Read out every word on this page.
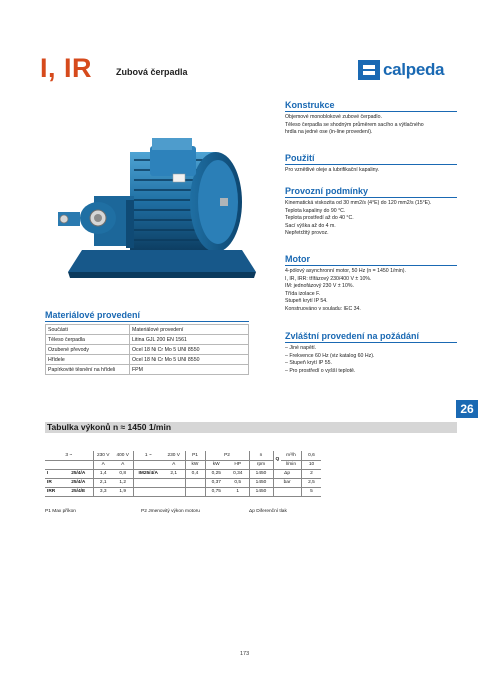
I, IR	Zubová čerpadla	calpeda
Konstrukce
Objemové monoblokové zubové čerpadlo.
Těleso čerpadla se shodným průměrem sacího a výtlačného
hrdla na jedné ose (in-line provedení).
Použití
Pro vznětlivé oleje a lubrifikační kapaliny.
Provozní podmínky
Kinematická viskozita od 30 mm2/s (4°E) do 120 mm2/s (15°E).
Teplota kapaliny do 90 °C.
Teplota prostředí až do 40 °C.
Sací výška až do 4 m.
Nepřetržitý provoz.
Motor
4-pólový asynchronní motor, 50 Hz (n = 1450 1/min).
I, IR, IRR: třífázový 230/400 V ± 10%.
IM: jednofázový 230 V ± 10%.
Třída izolace F.
Stupeň krytí IP 54.
Konstruováno v souladu: IEC 34.
Zvláštní provedení na požádání
– Jiné napětí.
– Frekvence 60 Hz (viz katalog 60 Hz).
– Stupeň krytí IP 55.
– Pro prostředí o vyšší teplotě.
Materiálové provedení
Součásti	Materiálové provedení
Těleso čerpadla	Litina GJL 200 EN 1561
Ozubené převody	Ocel 18 Ni Cr Mo 5 UNI 8550
Hřídele	Ocel 18 Ni Cr Mo 5 UNI 8550
Papírkovité těsnění na hřídeli	FPM
26
Tabulka výkonů n ≈ 1450 1/min
3 ~		230 V	400 V	1 ~	230 V	P1	P2		n	Q	m³/h	0,6
		A	A		A	kW	kW	HP	rpm		l/min	10
I	25/4/A	1,4	0,8	IM25/4/A	2,1	0,4	0,25	0,34	1450	Δp		2
IR	25/4/A	2,1	1,2				0,37	0,5	1450	bar		2,5
IRR	25/4/E	3,3	1,9				0,75	1	1450			5
P1 Max příkon	P2 Jmenovitý výkon motoru	Δp Diferenční tlak
173
